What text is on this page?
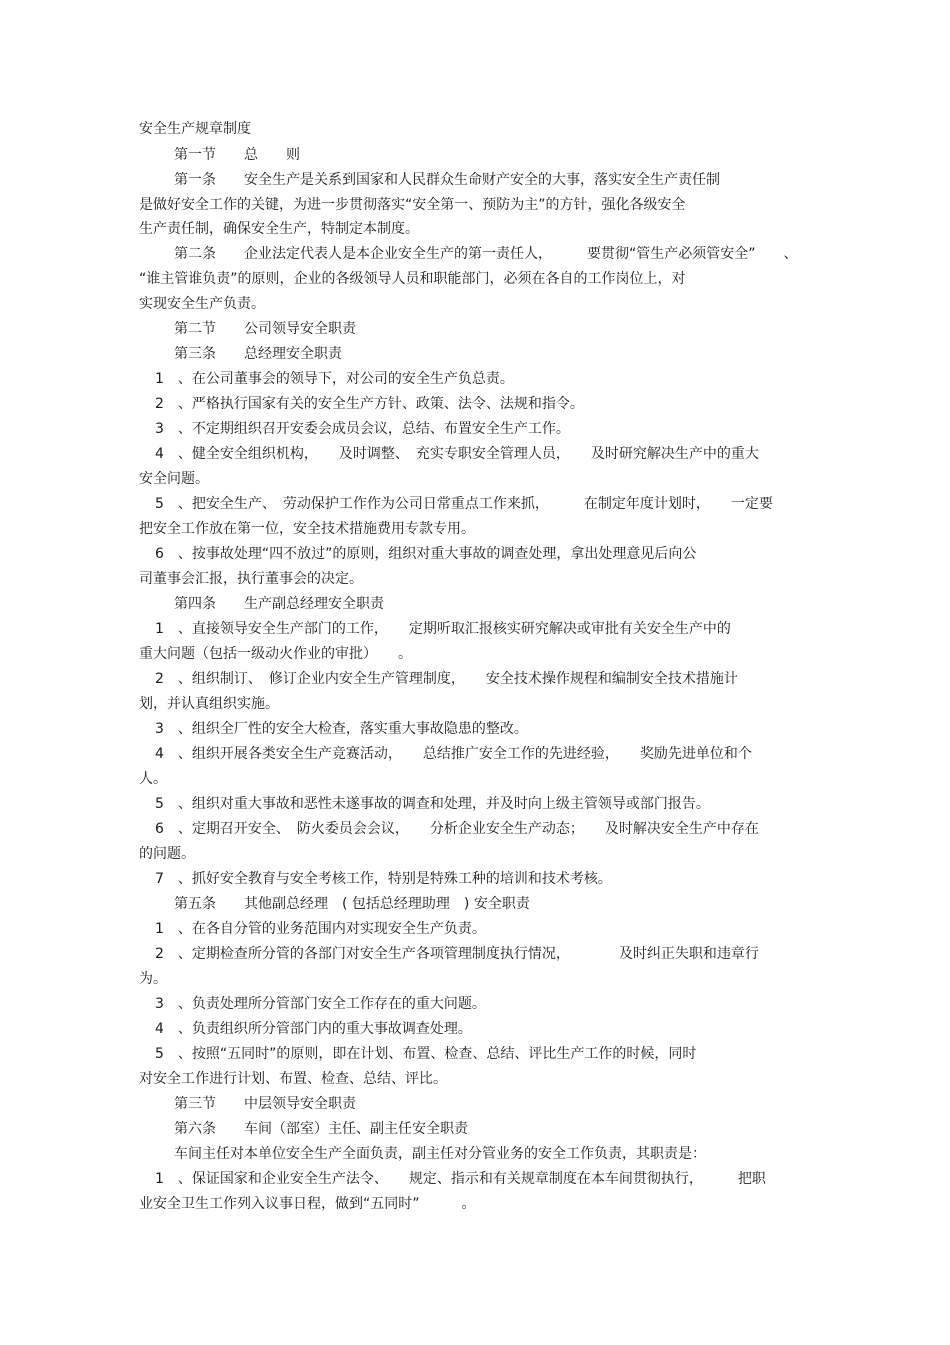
安全生产规章制度
第一节　　总　　则
第一条　　安全生产是关系到国家和人民群众生命财产安全的大事，落实安全生产责任制
是做好安全工作的关键，为进一步贯彻落实“安全第一、预防为主”的方针，强化各级安全
生产责任制，确保安全生产，特制定本制度。
第二条　　企业法定代表人是本企业安全生产的第一责任人，　　　要贯彻“管生产必须管安全”　　、
“谁主管谁负责”的原则，企业的各级领导人员和职能部门，必须在各自的工作岗位上，对
实现安全生产负责。
第二节　　公司领导安全职责
第三条　　总经理安全职责
1　、在公司董事会的领导下，对公司的安全生产负总责。
2　、严格执行国家有关的安全生产方针、政策、法令、法规和指令。
3　、不定期组织召开安委会成员会议，总结、布置安全生产工作。
4　、健全安全组织机构，　　及时调整、　充实专职安全管理人员，　　及时研究解决生产中的重大
安全问题。
5　、把安全生产、　劳动保护工作作为公司日常重点工作来抓，　　　在制定年度计划时，　　一定要
把安全工作放在第一位，安全技术措施费用专款专用。
6　、按事故处理“四不放过”的原则，组织对重大事故的调查处理，拿出处理意见后向公
司董事会汇报，执行董事会的决定。
第四条　　生产副总经理安全职责
1　、直接领导安全生产部门的工作，　　定期听取汇报核实研究解决或审批有关安全生产中的
重大问题（包括一级动火作业的审批）　　。
2　、组织制订、　修订企业内安全生产管理制度，　　安全技术操作规程和编制安全技术措施计
划，并认真组织实施。
3　、组织全厂性的安全大检查，落实重大事故隐患的整改。
4　、组织开展各类安全生产竞赛活动，　　总结推广安全工作的先进经验，　　奖励先进单位和个
人。
5　、组织对重大事故和恶性未遂事故的调查和处理，并及时向上级主管领导或部门报告。
6　、定期召开安全、　防火委员会会议，　　分析企业安全生产动态；　　及时解决安全生产中存在
的问题。
7　、抓好安全教育与安全考核工作，特别是特殊工种的培训和技术考核。
第五条　　其他副总经理　( 包括总经理助理　) 安全职责
1　、在各自分管的业务范围内对实现安全生产负责。
2　、定期检查所分管的各部门对安全生产各项管理制度执行情况，　　　　及时纠正失职和违章行
为。
3　、负责处理所分管部门安全工作存在的重大问题。
4　、负责组织所分管部门内的重大事故调查处理。
5　、按照“五同时”的原则，即在计划、布置、检查、总结、评比生产工作的时候，同时
对安全工作进行计划、布置、检查、总结、评比。
第三节　　中层领导安全职责
第六条　　车间（部室）主任、副主任安全职责
车间主任对本单位安全生产全面负责，副主任对分管业务的安全工作负责，其职责是：
1　、保证国家和企业安全生产法令、　　规定、指示和有关规章制度在本车间贯彻执行，　　　把职
业安全卫生工作列入议事日程，做到“五同时”　　　。
